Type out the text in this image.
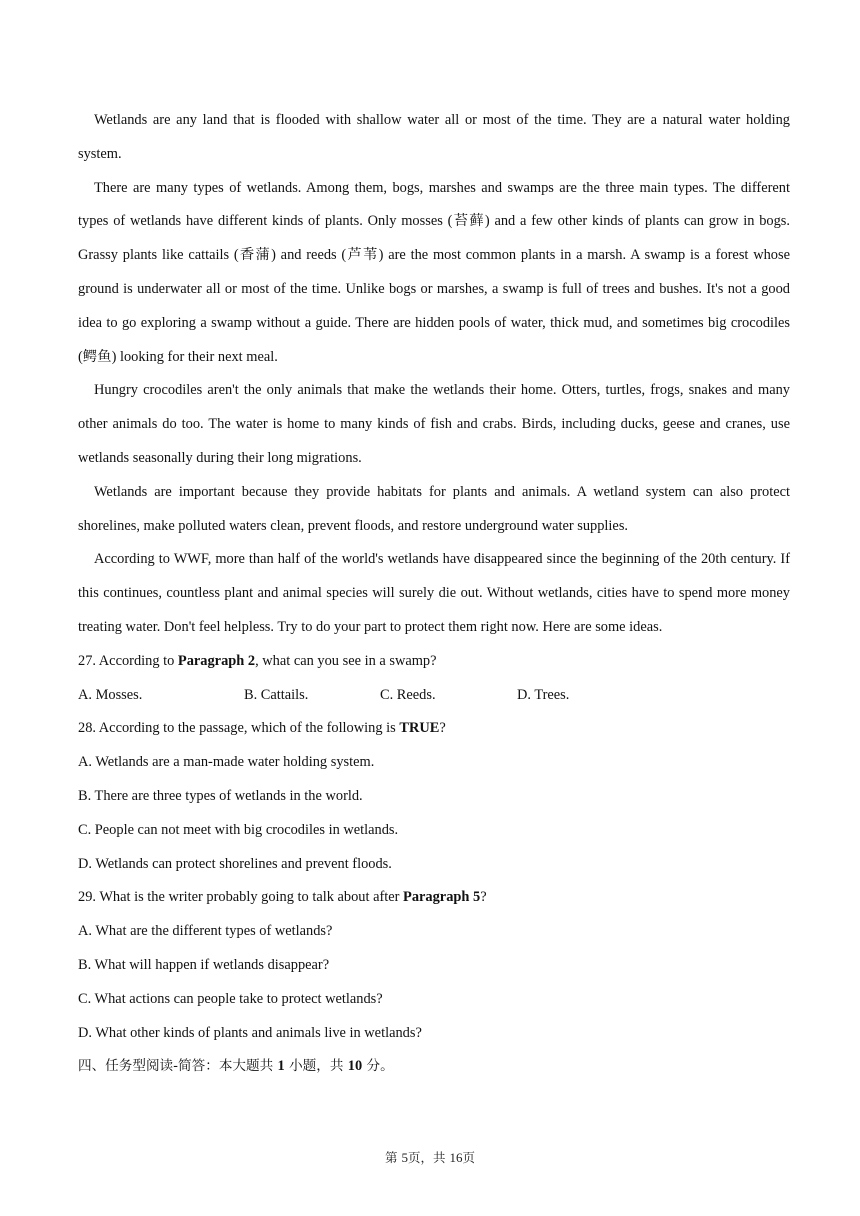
Wetlands are any land that is flooded with shallow water all or most of the time. They are a natural water holding system.

There are many types of wetlands. Among them, bogs, marshes and swamps are the three main types. The different types of wetlands have different kinds of plants. Only mosses (苔藓) and a few other kinds of plants can grow in bogs. Grassy plants like cattails (香蒲) and reeds (芦苇) are the most common plants in a marsh. A swamp is a forest whose ground is underwater all or most of the time. Unlike bogs or marshes, a swamp is full of trees and bushes. It's not a good idea to go exploring a swamp without a guide. There are hidden pools of water, thick mud, and sometimes big crocodiles (鳄鱼) looking for their next meal.

Hungry crocodiles aren't the only animals that make the wetlands their home. Otters, turtles, frogs, snakes and many other animals do too. The water is home to many kinds of fish and crabs. Birds, including ducks, geese and cranes, use wetlands seasonally during their long migrations.

Wetlands are important because they provide habitats for plants and animals. A wetland system can also protect shorelines, make polluted waters clean, prevent floods, and restore underground water supplies.

According to WWF, more than half of the world's wetlands have disappeared since the beginning of the 20th century. If this continues, countless plant and animal species will surely die out. Without wetlands, cities have to spend more money treating water. Don't feel helpless. Try to do your part to protect them right now. Here are some ideas.

27. According to Paragraph 2, what can you see in a swamp?

A. Mosses.	B. Cattails.	C. Reeds.	D. Trees.

28. According to the passage, which of the following is TRUE?

A. Wetlands are a man-made water holding system.

B. There are three types of wetlands in the world.

C. People can not meet with big crocodiles in wetlands.

D. Wetlands can protect shorelines and prevent floods.

29. What is the writer probably going to talk about after Paragraph 5?

A. What are the different types of wetlands?

B. What will happen if wetlands disappear?

C. What actions can people take to protect wetlands?

D. What other kinds of plants and animals live in wetlands?

四、任务型阅读-简答：本大题共 1 小题，共 10 分。

第 5页，共 16页
